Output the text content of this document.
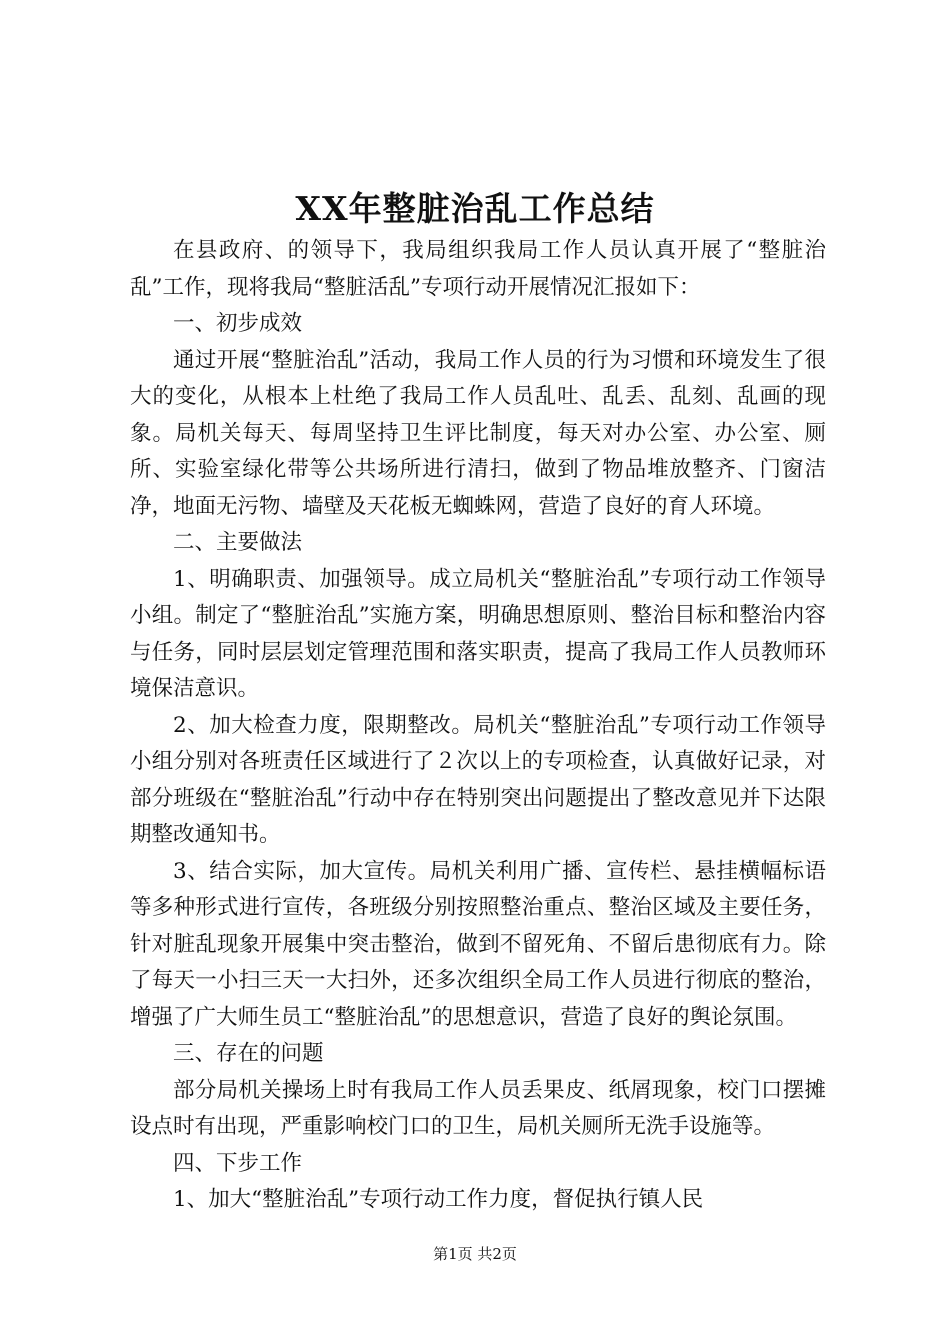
XX年整脏治乱工作总结

在县政府、的领导下，我局组织我局工作人员认真开展了“整脏治乱”工作，现将我局“整脏活乱”专项行动开展情况汇报如下：

一、初步成效

通过开展“整脏治乱”活动，我局工作人员的行为习惯和环境发生了很大的变化，从根本上杜绝了我局工作人员乱吐、乱丢、乱刻、乱画的现象。局机关每天、每周坚持卫生评比制度，每天对办公室、办公室、厕所、实验室绿化带等公共场所进行清扫，做到了物品堆放整齐、门窗洁净，地面无污物、墙壁及天花板无蜘蛛网，营造了良好的育人环境。

二、主要做法

1、明确职责、加强领导。成立局机关“整脏治乱”专项行动工作领导小组。制定了“整脏治乱”实施方案，明确思想原则、整治目标和整治内容与任务，同时层层划定管理范围和落实职责，提高了我局工作人员教师环境保洁意识。

2、加大检查力度，限期整改。局机关“整脏治乱”专项行动工作领导小组分别对各班责任区域进行了２次以上的专项检查，认真做好记录，对部分班级在“整脏治乱”行动中存在特别突出问题提出了整改意见并下达限期整改通知书。

3、结合实际，加大宣传。局机关利用广播、宣传栏、悬挂横幅标语等多种形式进行宣传，各班级分别按照整治重点、整治区域及主要任务，针对脏乱现象开展集中突击整治，做到不留死角、不留后患彻底有力。除了每天一小扫三天一大扫外，还多次组织全局工作人员进行彻底的整治，增强了广大师生员工“整脏治乱”的思想意识，营造了良好的舆论氛围。

三、存在的问题

部分局机关操场上时有我局工作人员丢果皮、纸屑现象，校门口摆摊设点时有出现，严重影响校门口的卫生，局机关厕所无洗手设施等。

四、下步工作

1、加大“整脏治乱”专项行动工作力度，督促执行镇人民

第1页 共2页
